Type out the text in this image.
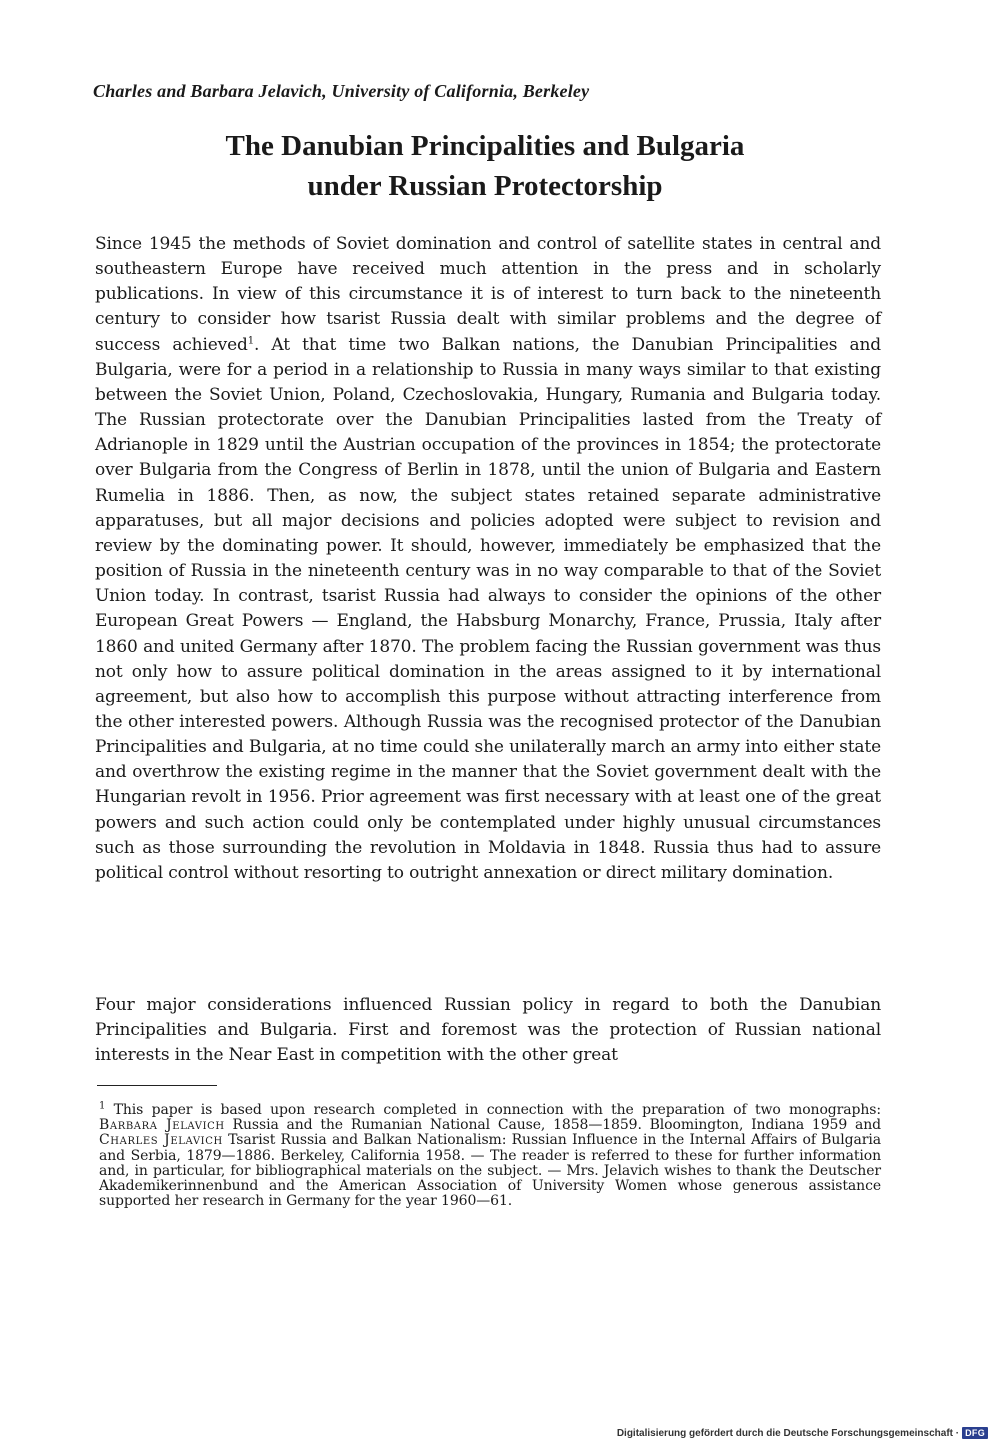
Charles and Barbara Jelavich, University of California, Berkeley
The Danubian Principalities and Bulgaria
under Russian Protectorship

Since 1945 the methods of Soviet domination and control of satellite states in central and southeastern Europe have received much attention in the press and in scholarly publications. In view of this circumstance it is of interest to turn back to the nineteenth century to consider how tsarist Russia dealt with similar problems and the degree of success achieved$^1$. At that time two Balkan nations, the Danubian Principalities and Bulgaria, were for a period in a relationship to Russia in many ways similar to that existing between the Soviet Union, Poland, Czechoslovakia, Hungary, Rumania and Bulgaria today. The Russian protectorate over the Danubian Principalities lasted from the Treaty of Adrianople in 1829 until the Austrian occupation of the provinces in 1854; the protectorate over Bulgaria from the Congress of Berlin in 1878, until the union of Bulgaria and Eastern Rumelia in 1886. Then, as now, the subject states retained separate administrative apparatuses, but all major decisions and policies adopted were subject to revision and review by the dominating power. It should, however, immediately be emphasized that the position of Russia in the nineteenth century was in no way comparable to that of the Soviet Union today. In contrast, tsarist Russia had always to consider the opinions of the other European Great Powers — England, the Habsburg Monarchy, France, Prussia, Italy after 1860 and united Germany after 1870. The problem facing the Russian government was thus not only how to assure political domination in the areas assigned to it by international agreement, but also how to accomplish this purpose without attracting interference from the other interested powers. Although Russia was the recognised protector of the Danubian Principalities and Bulgaria, at no time could she unilaterally march an army into either state and overthrow the existing regime in the manner that the Soviet government dealt with the Hungarian revolt in 1956. Prior agreement was first necessary with at least one of the great powers and such action could only be contemplated under highly unusual circumstances such as those surrounding the revolution in Moldavia in 1848. Russia thus had to assure political control without resorting to outright annexation or direct military domination.

Four major considerations influenced Russian policy in regard to both the Danubian Principalities and Bulgaria. First and foremost was the protection of Russian national interests in the Near East in competition with the other great

$^1$ This paper is based upon research completed in connection with the preparation of two monographs: Barbara Jelavich Russia and the Rumanian National Cause, 1858—1859. Bloomington, Indiana 1959 and Charles Jelavich Tsarist Russia and Balkan Nationalism: Russian Influence in the Internal Affairs of Bulgaria and Serbia, 1879—1886. Berkeley, California 1958. — The reader is referred to these for further information and, in particular, for bibliographical materials on the subject. — Mrs. Jelavich wishes to thank the Deutscher Akademikerinnenbund and the American Association of University Women whose generous assistance supported her research in Germany for the year 1960—61.

Digitalisierung gefördert durch die Deutsche Forschungsgemeinschaft · DFG
